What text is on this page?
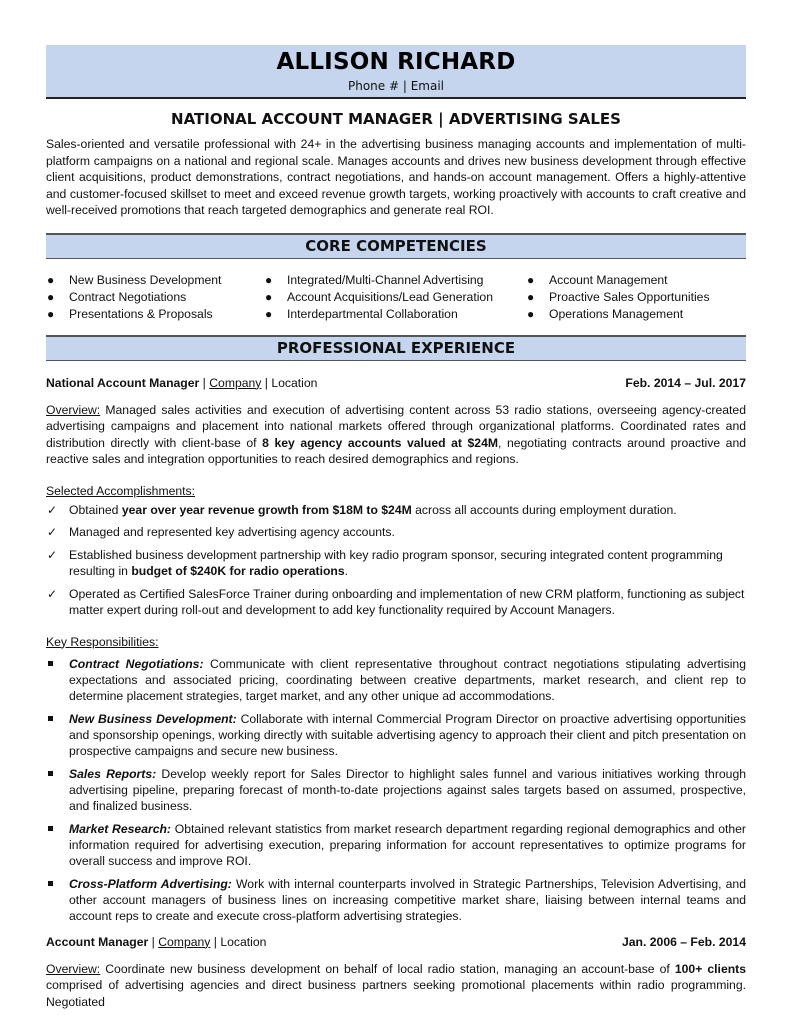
ALLISON RICHARD
Phone # | Email
NATIONAL ACCOUNT MANAGER | ADVERTISING SALES
Sales-oriented and versatile professional with 24+ in the advertising business managing accounts and implementation of multi-platform campaigns on a national and regional scale. Manages accounts and drives new business development through effective client acquisitions, product demonstrations, contract negotiations, and hands-on account management. Offers a highly-attentive and customer-focused skillset to meet and exceed revenue growth targets, working proactively with accounts to craft creative and well-received promotions that reach targeted demographics and generate real ROI.
CORE COMPETENCIES
● New Business Development
● Contract Negotiations
● Presentations & Proposals
● Integrated/Multi-Channel Advertising
● Account Acquisitions/Lead Generation
● Interdepartmental Collaboration
● Account Management
● Proactive Sales Opportunities
● Operations Management
PROFESSIONAL EXPERIENCE
National Account Manager | Company | Location	Feb. 2014 – Jul. 2017
Overview: Managed sales activities and execution of advertising content across 53 radio stations, overseeing agency-created advertising campaigns and placement into national markets offered through organizational platforms. Coordinated rates and distribution directly with client-base of 8 key agency accounts valued at $24M, negotiating contracts around proactive and reactive sales and integration opportunities to reach desired demographics and regions.
Selected Accomplishments:
✓ Obtained year over year revenue growth from $18M to $24M across all accounts during employment duration.
✓ Managed and represented key advertising agency accounts.
✓ Established business development partnership with key radio program sponsor, securing integrated content programming resulting in budget of $240K for radio operations.
✓ Operated as Certified SalesForce Trainer during onboarding and implementation of new CRM platform, functioning as subject matter expert during roll-out and development to add key functionality required by Account Managers.
Key Responsibilities:
Contract Negotiations: Communicate with client representative throughout contract negotiations stipulating advertising expectations and associated pricing, coordinating between creative departments, market research, and client rep to determine placement strategies, target market, and any other unique ad accommodations.
New Business Development: Collaborate with internal Commercial Program Director on proactive advertising opportunities and sponsorship openings, working directly with suitable advertising agency to approach their client and pitch presentation on prospective campaigns and secure new business.
Sales Reports: Develop weekly report for Sales Director to highlight sales funnel and various initiatives working through advertising pipeline, preparing forecast of month-to-date projections against sales targets based on assumed, prospective, and finalized business.
Market Research: Obtained relevant statistics from market research department regarding regional demographics and other information required for advertising execution, preparing information for account representatives to optimize programs for overall success and improve ROI.
Cross-Platform Advertising: Work with internal counterparts involved in Strategic Partnerships, Television Advertising, and other account managers of business lines on increasing competitive market share, liaising between internal teams and account reps to create and execute cross-platform advertising strategies.
Account Manager | Company | Location	Jan. 2006 – Feb. 2014
Overview: Coordinate new business development on behalf of local radio station, managing an account-base of 100+ clients comprised of advertising agencies and direct business partners seeking promotional placements within radio programming. Negotiated
